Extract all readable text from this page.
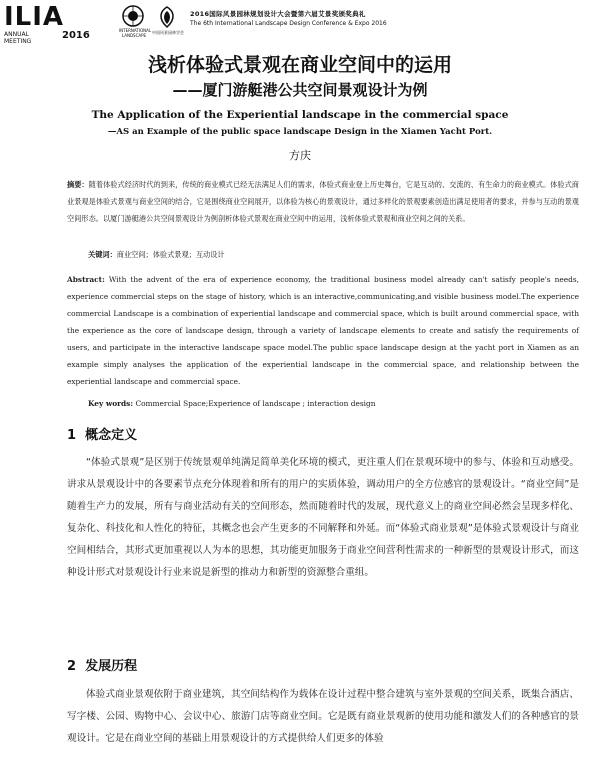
ILIA
ANNUAL MEETING
2016	INTERNATIONAL LANDSCAPE
中国风景园林学会
2016国际风景园林规划设计大会暨第六届艾景奖颁奖典礼
The 6th International Landscape Design Conference & Expo 2016
浅析体验式景观在商业空间中的运用
——厦门游艇港公共空间景观设计为例
The Application of the Experiential landscape in the commercial space
—AS an Example of the public space landscape Design in the Xiamen Yacht Port.
方庆
摘要：随着体验式经济时代的到来，传统的商业模式已经无法满足人们的需求，体验式商业登上历史舞台，它是互动的、交流的、有生命力的商业模式。体验式商业景观是体验式景观与商业空间的结合，它是围绕商业空间展开，以体验为核心的景观设计，通过多样化的景观要素创造出满足使用者的要求，并参与互动的景观空间形态。以厦门游艇港公共空间景观设计为例剖析体验式景观在商业空间中的运用，浅析体验式景观和商业空间之间的关系。
关键词：商业空间；体验式景观；互动设计
Abstract: With the advent of the era of experience economy, the traditional business model already can't satisfy people's needs, experience commercial steps on the stage of history, which is an interactive,communicating,and visible business model.The experience commercial Landscape is a combination of experiential landscape and commercial space, which is built around commercial space, with the experience as the core of landscape design, through a variety of landscape elements to create and satisfy the requirements of users, and participate in the interactive landscape space model.The public space landscape design at the yacht port in Xiamen as an example simply analyses the application of the experiential landscape in the commercial space, and relationship between the experiential landscape and commercial space.
Key words: Commercial Space;Experience of landscape ; interaction design
1 概念定义
“体验式景观”是区别于传统景观单纯满足简单美化环境的模式，更注重人们在景观环境中的参与、体验和互动感受。讲求从景观设计中的各要素节点充分体现着和所有的用户的实质体验，调动用户的全方位感官的景观设计。“商业空间”是随着生产力的发展，所有与商业活动有关的空间形态，然而随着时代的发展，现代意义上的商业空间必然会呈现多样化、复杂化、科技化和人性化的特征，其概念也会产生更多的不同解释和外延。而“体验式商业景观”是体验式景观设计与商业空间相结合，其形式更加重视以人为本的思想，其功能更加服务于商业空间营利性需求的一种新型的景观设计形式，而这种设计形式对景观设计行业来说是新型的推动力和新型的资源整合重组。
2 发展历程
体验式商业景观依附于商业建筑，其空间结构作为载体在设计过程中整合建筑与室外景观的空间关系，既集合酒店、写字楼、公园、购物中心、会议中心、旅游门店等商业空间。它是既有商业景观新的使用功能和激发人们的各种感官的景观设计。它是在商业空间的基础上用景观设计的方式提供给人们更多的体验
